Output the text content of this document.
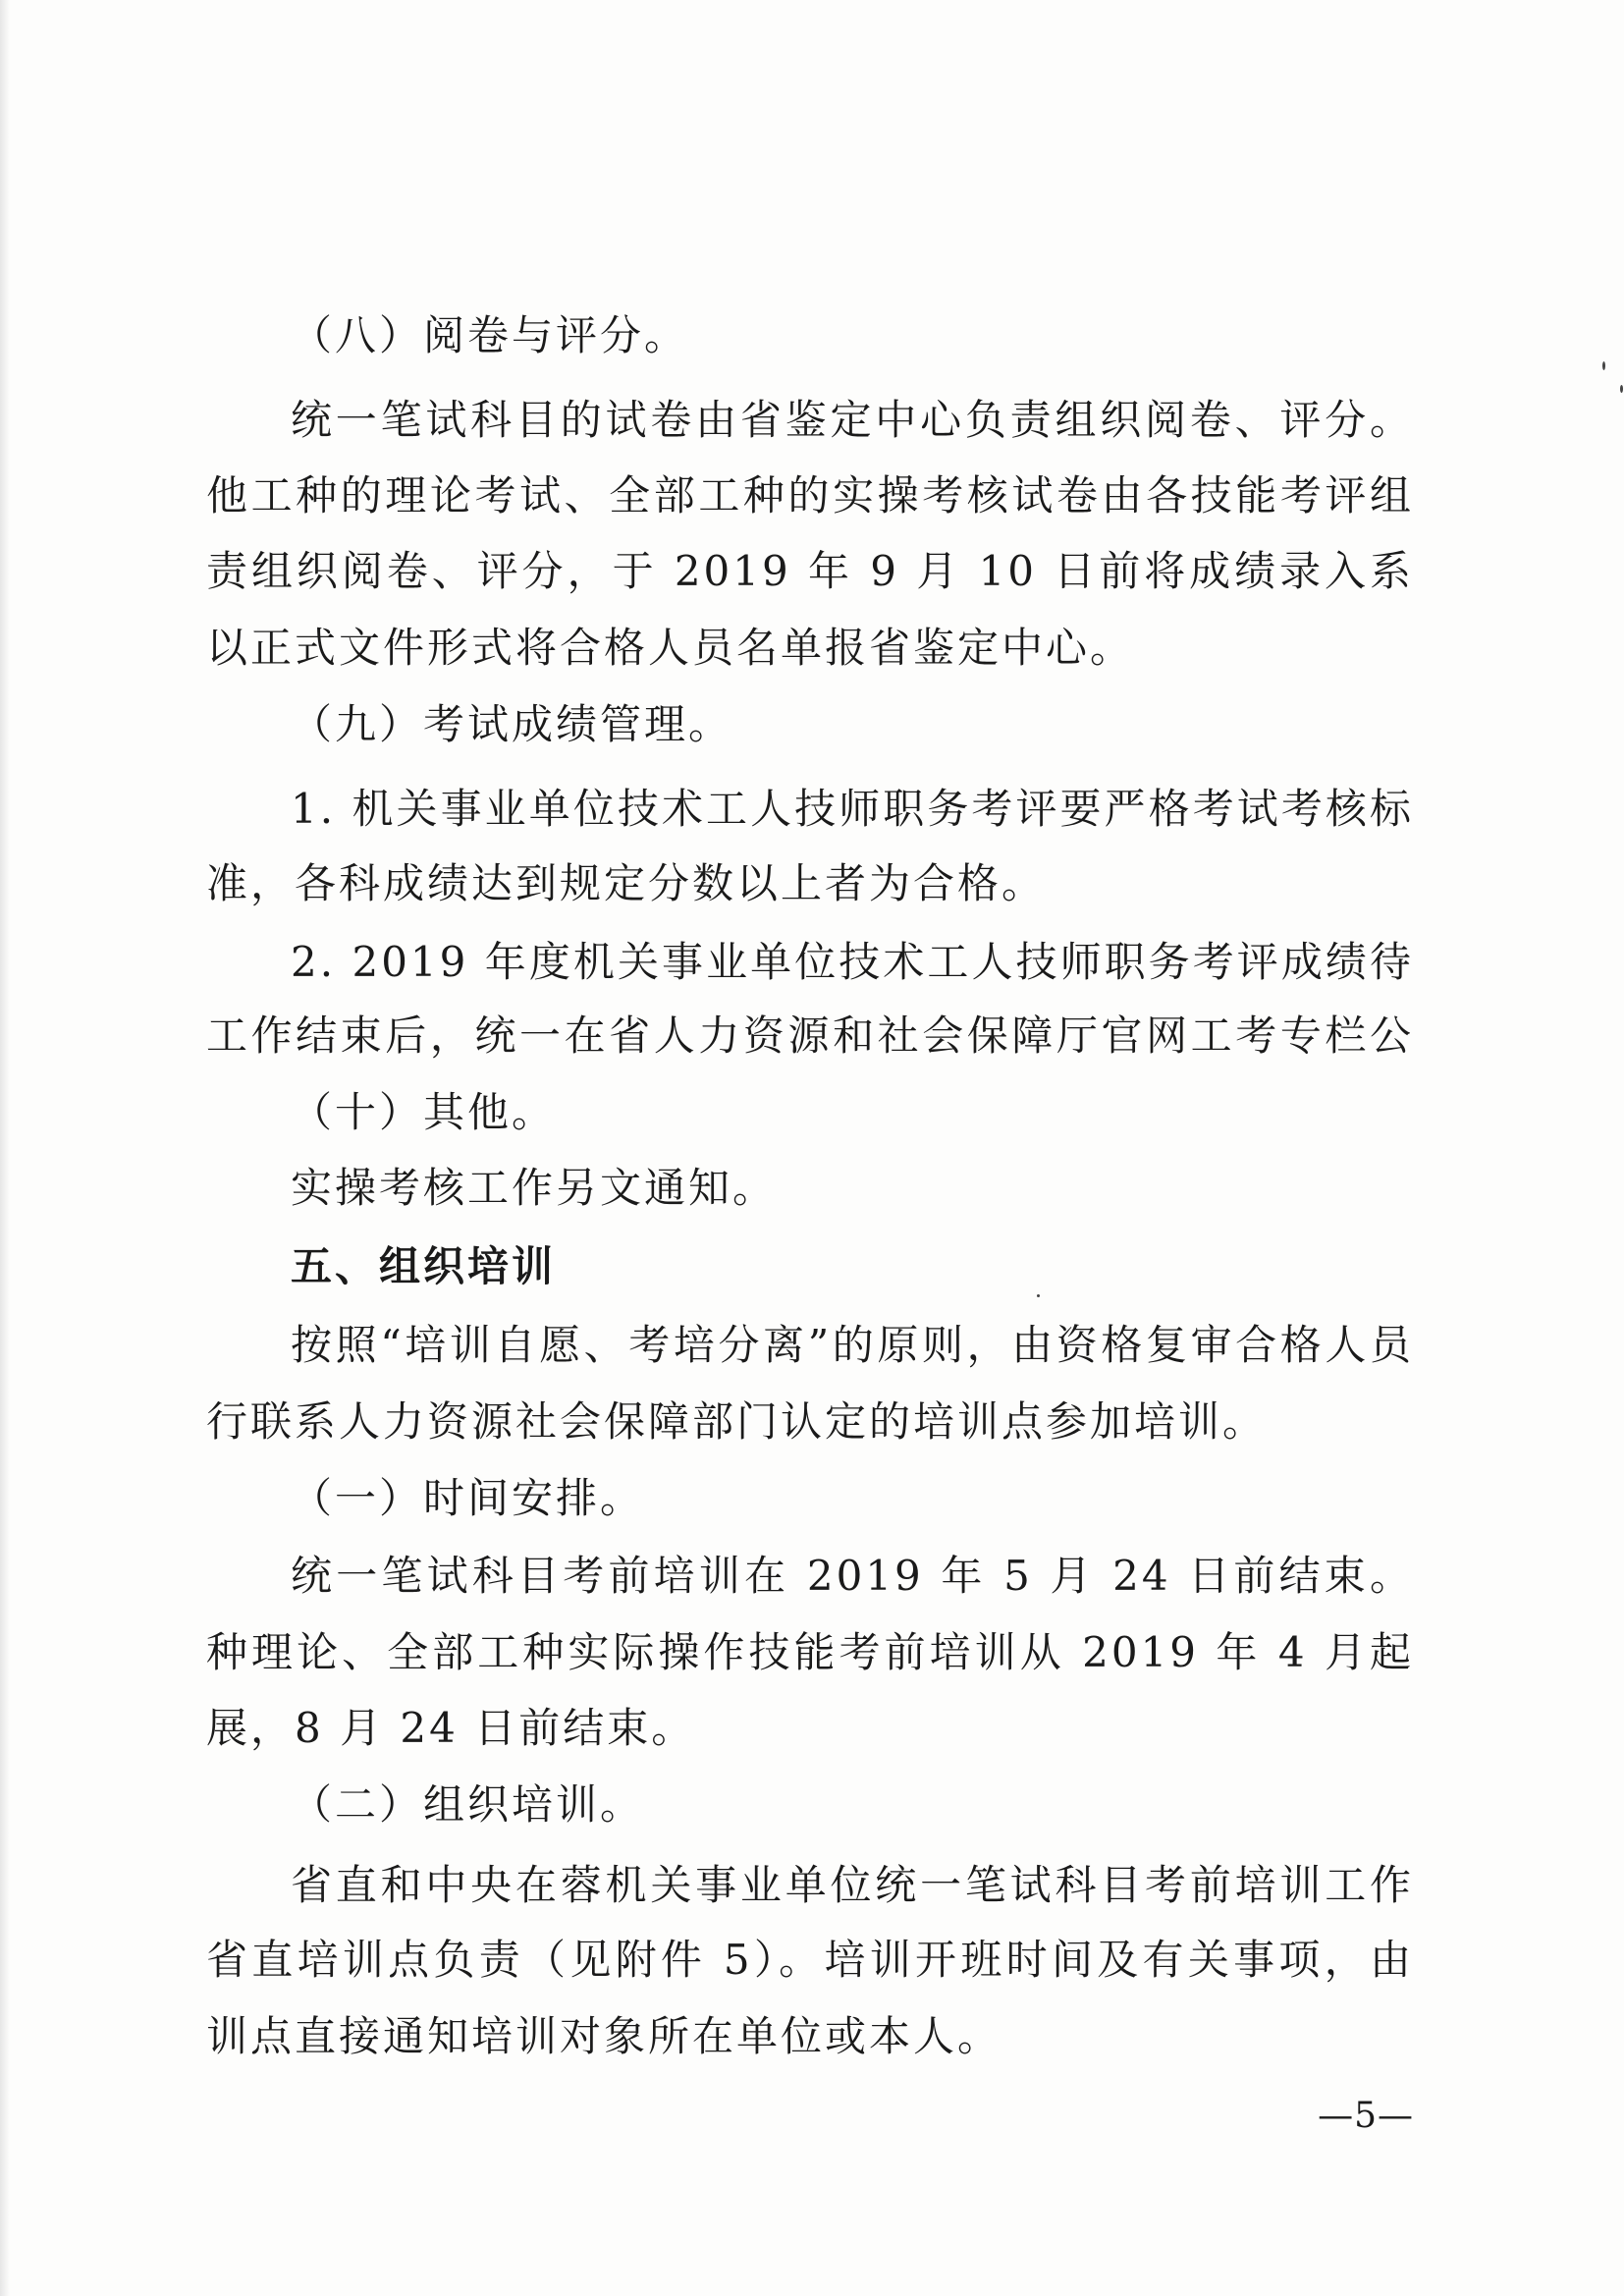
（八）阅卷与评分。
统一笔试科目的试卷由省鉴定中心负责组织阅卷、评分。
他工种的理论考试、全部工种的实操考核试卷由各技能考评组
责组织阅卷、评分，于 2019 年 9 月 10 日前将成绩录入系
以正式文件形式将合格人员名单报省鉴定中心。
（九）考试成绩管理。
1. 机关事业单位技术工人技师职务考评要严格考试考核标
准，各科成绩达到规定分数以上者为合格。
2. 2019 年度机关事业单位技术工人技师职务考评成绩待
工作结束后，统一在省人力资源和社会保障厅官网工考专栏公
（十）其他。
实操考核工作另文通知。
五、组织培训
按照“培训自愿、考培分离”的原则，由资格复审合格人员
行联系人力资源社会保障部门认定的培训点参加培训。
（一）时间安排。
统一笔试科目考前培训在 2019 年 5 月 24 日前结束。
种理论、全部工种实际操作技能考前培训从 2019 年 4 月起
展，8 月 24 日前结束。
（二）组织培训。
省直和中央在蓉机关事业单位统一笔试科目考前培训工作
省直培训点负责（见附件 5）。培训开班时间及有关事项，由
训点直接通知培训对象所在单位或本人。
—5—
